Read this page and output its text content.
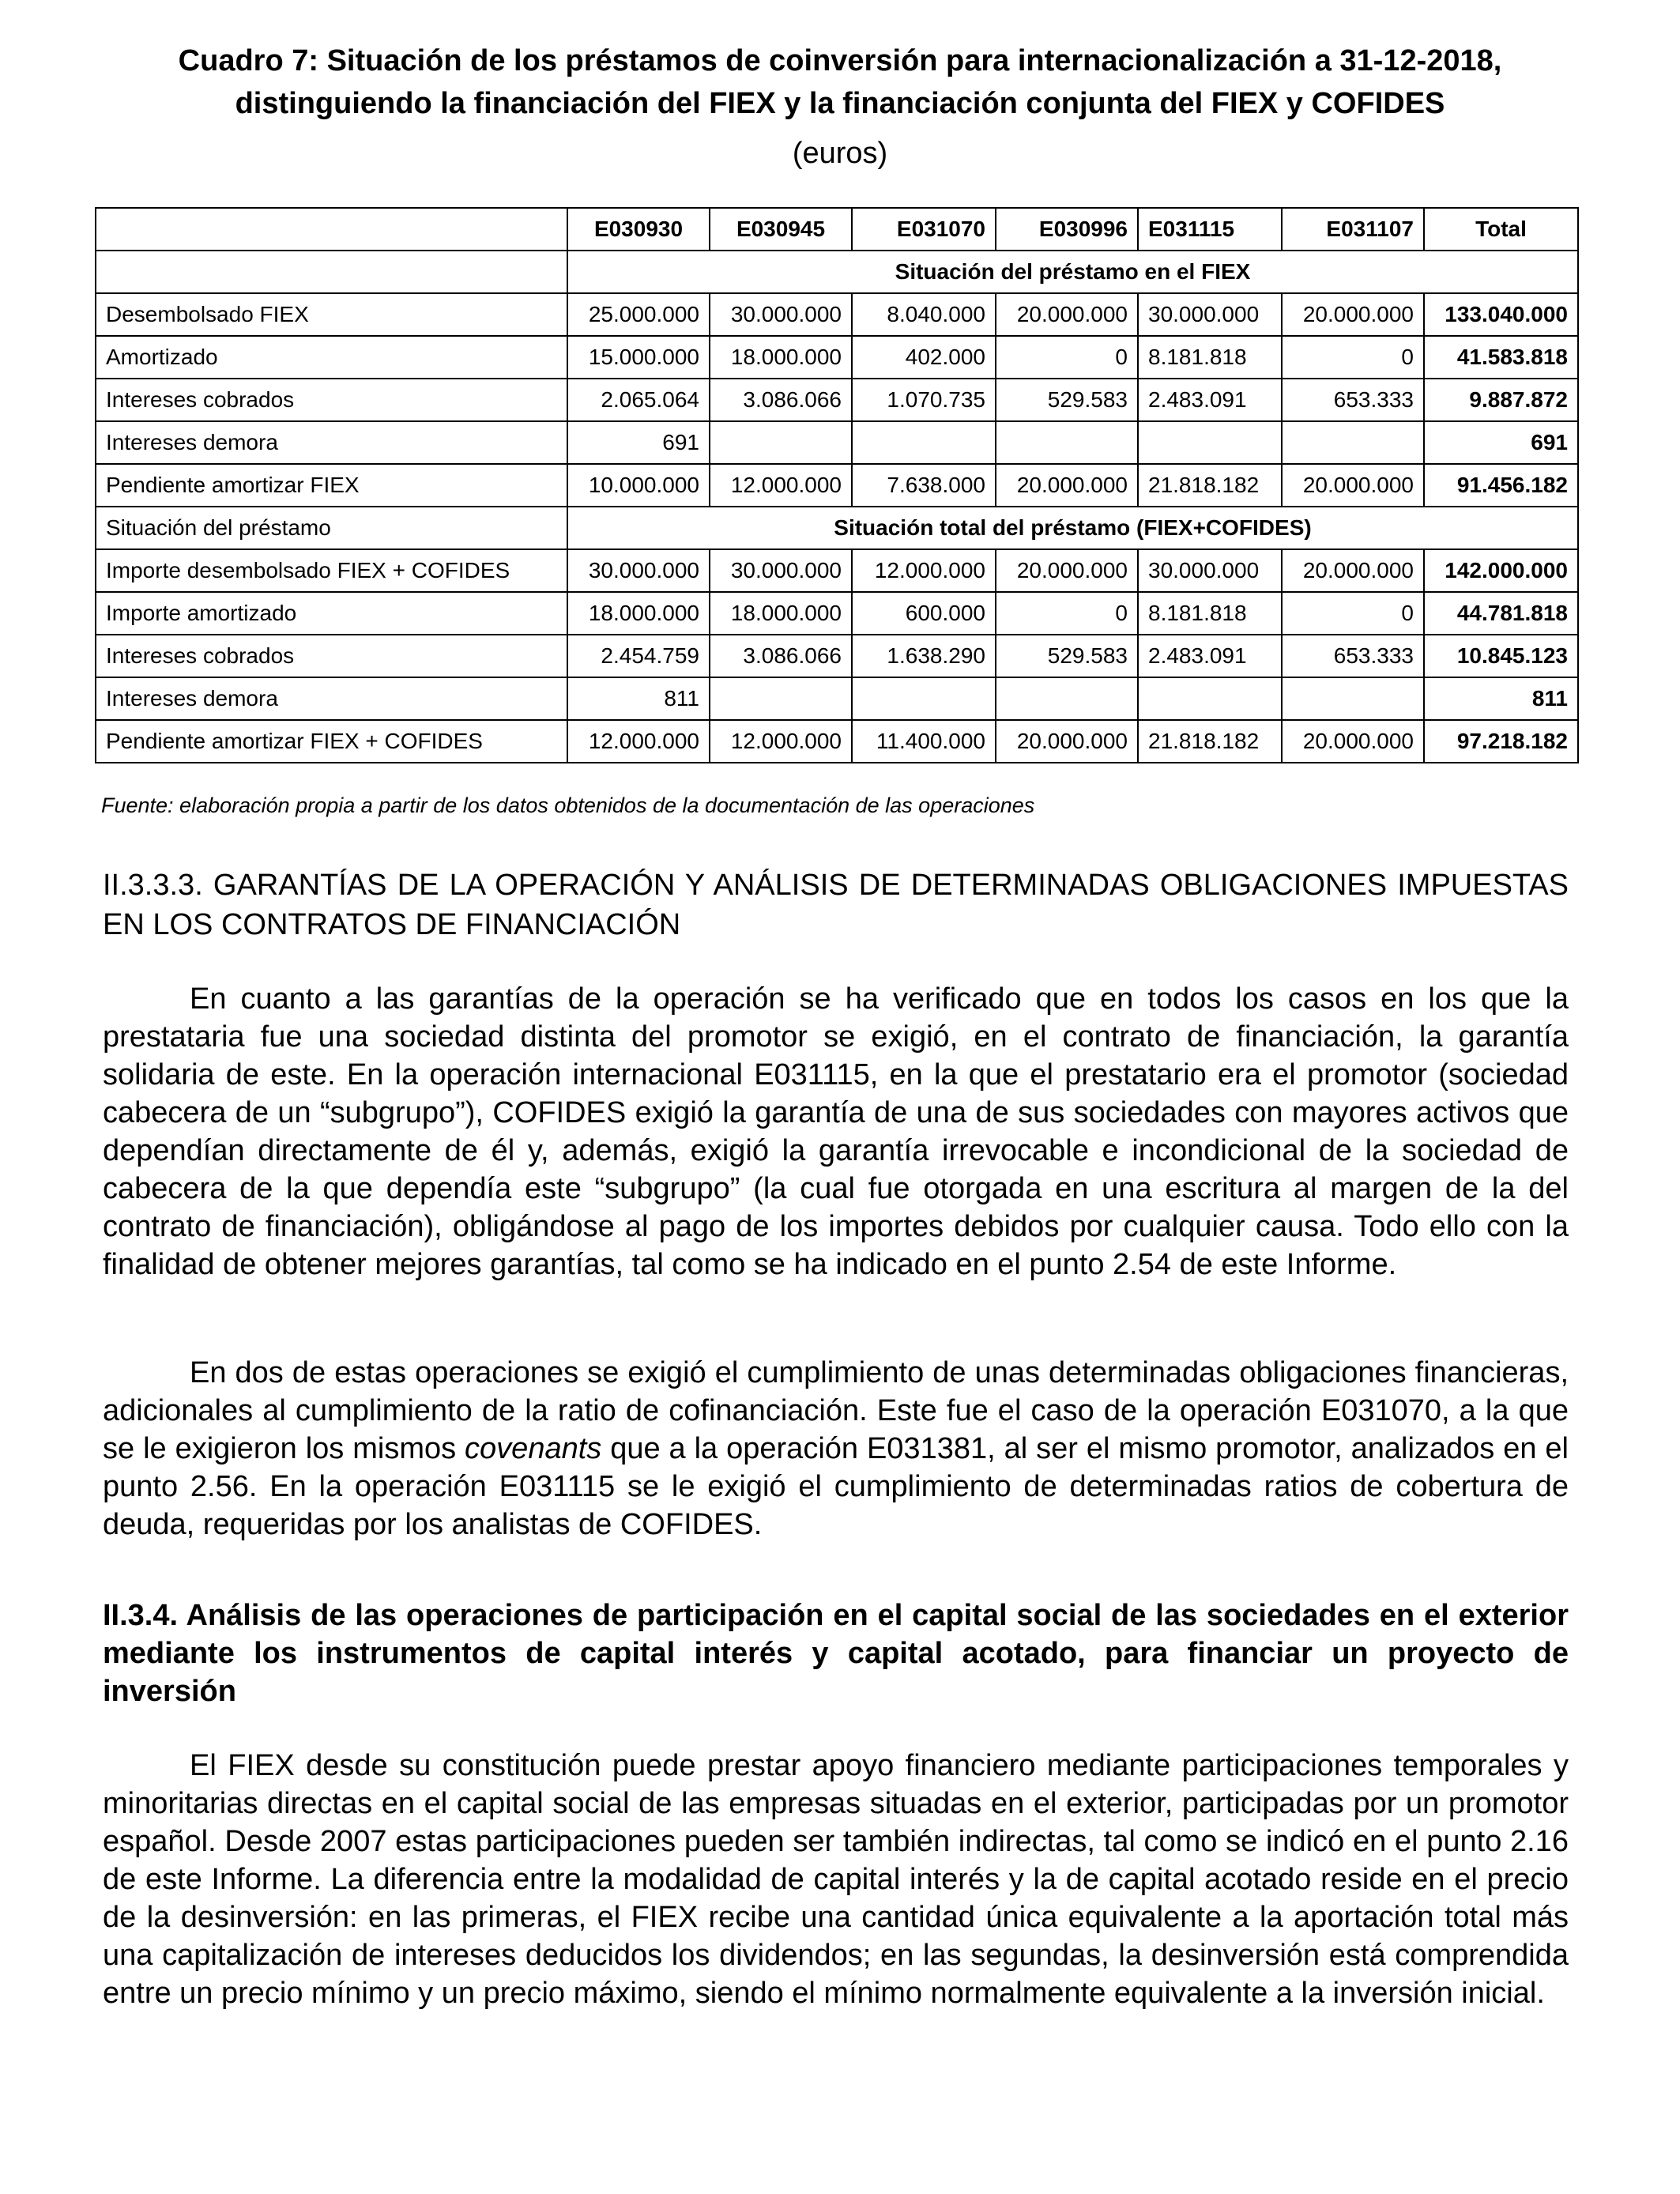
Cuadro 7: Situación de los préstamos de coinversión para internacionalización a 31-12-2018,
distinguiendo la financiación del FIEX y la financiación conjunta del FIEX y COFIDES
(euros)
	E030930	E030945	E031070	E030996	E031115	E031107	Total
	Situación del préstamo en el FIEX						
Desembolsado FIEX	25.000.000	30.000.000	8.040.000	20.000.000	30.000.000	20.000.000	133.040.000
Amortizado	15.000.000	18.000.000	402.000	0	8.181.818	0	41.583.818
Intereses cobrados	2.065.064	3.086.066	1.070.735	529.583	2.483.091	653.333	9.887.872
Intereses demora	691						691
Pendiente amortizar FIEX	10.000.000	12.000.000	7.638.000	20.000.000	21.818.182	20.000.000	91.456.182
Situación del préstamo	Situación total del préstamo (FIEX+COFIDES)						
Importe desembolsado FIEX + COFIDES	30.000.000	30.000.000	12.000.000	20.000.000	30.000.000	20.000.000	142.000.000
Importe amortizado	18.000.000	18.000.000	600.000	0	8.181.818	0	44.781.818
Intereses cobrados	2.454.759	3.086.066	1.638.290	529.583	2.483.091	653.333	10.845.123
Intereses demora	811						811
Pendiente amortizar FIEX + COFIDES	12.000.000	12.000.000	11.400.000	20.000.000	21.818.182	20.000.000	97.218.182
Fuente: elaboración propia a partir de los datos obtenidos de la documentación de las operaciones
II.3.3.3. GARANTÍAS DE LA OPERACIÓN Y ANÁLISIS DE DETERMINADAS OBLIGACIONES IMPUESTAS EN LOS CONTRATOS DE FINANCIACIÓN

En cuanto a las garantías de la operación se ha verificado que en todos los casos en los que la prestataria fue una sociedad distinta del promotor se exigió, en el contrato de financiación, la garantía solidaria de este. En la operación internacional E031115, en la que el prestatario era el promotor (sociedad cabecera de un “subgrupo”), COFIDES exigió la garantía de una de sus sociedades con mayores activos que dependían directamente de él y, además, exigió la garantía irrevocable e incondicional de la sociedad de cabecera de la que dependía este “subgrupo” (la cual fue otorgada en una escritura al margen de la del contrato de financiación), obligándose al pago de los importes debidos por cualquier causa. Todo ello con la finalidad de obtener mejores garantías, tal como se ha indicado en el punto 2.54 de este Informe.

En dos de estas operaciones se exigió el cumplimiento de unas determinadas obligaciones financieras, adicionales al cumplimiento de la ratio de cofinanciación. Este fue el caso de la operación E031070, a la que se le exigieron los mismos covenants que a la operación E031381, al ser el mismo promotor, analizados en el punto 2.56. En la operación E031115 se le exigió el cumplimiento de determinadas ratios de cobertura de deuda, requeridas por los analistas de COFIDES.

II.3.4. Análisis de las operaciones de participación en el capital social de las sociedades en el exterior mediante los instrumentos de capital interés y capital acotado, para financiar un proyecto de inversión

El FIEX desde su constitución puede prestar apoyo financiero mediante participaciones temporales y minoritarias directas en el capital social de las empresas situadas en el exterior, participadas por un promotor español. Desde 2007 estas participaciones pueden ser también indirectas, tal como se indicó en el punto 2.16 de este Informe. La diferencia entre la modalidad de capital interés y la de capital acotado reside en el precio de la desinversión: en las primeras, el FIEX recibe una cantidad única equivalente a la aportación total más una capitalización de intereses deducidos los dividendos; en las segundas, la desinversión está comprendida entre un precio mínimo y un precio máximo, siendo el mínimo normalmente equivalente a la inversión inicial.
